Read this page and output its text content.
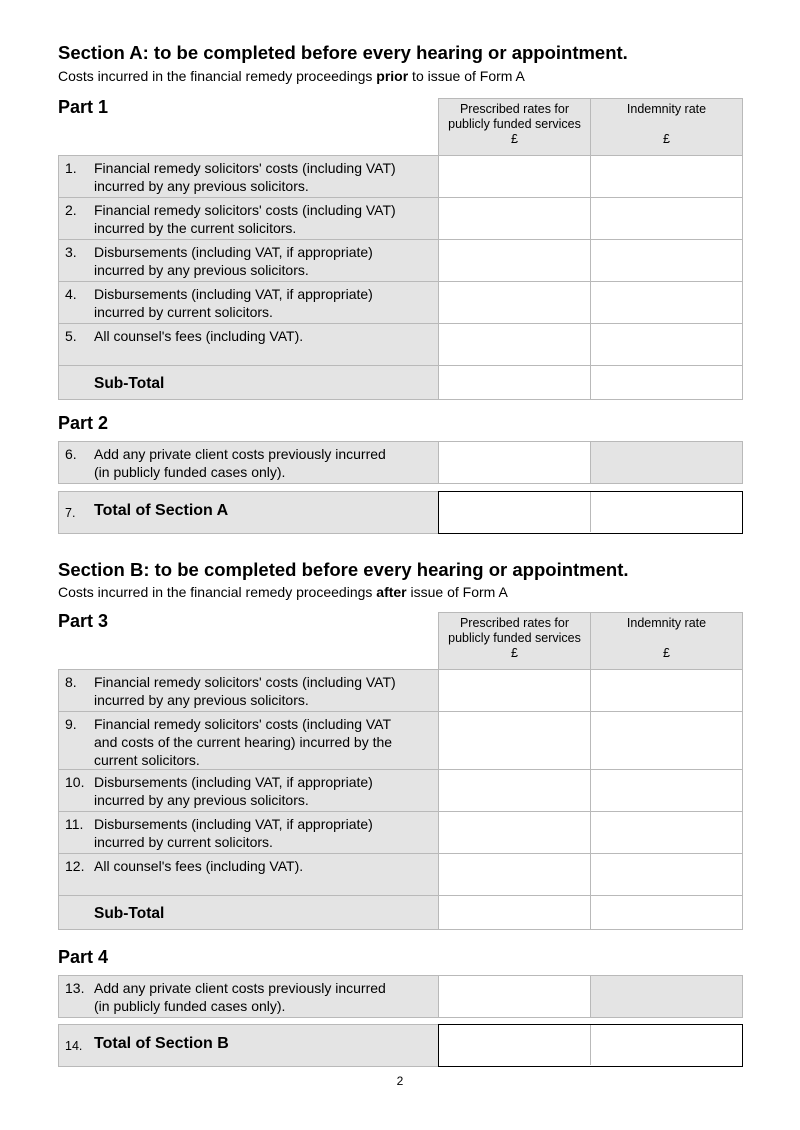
Section A: to be completed before every hearing or appointment.
Costs incurred in the financial remedy proceedings prior to issue of Form A
Part 1	Prescribed rates for
publicly funded services
£
Indemnity rate

£
1. Financial remedy solicitors' costs (including VAT)
incurred by any previous solicitors.
2. Financial remedy solicitors' costs (including VAT)
incurred by the current solicitors.
3. Disbursements (including VAT, if appropriate)
incurred by any previous solicitors.
4. Disbursements (including VAT, if appropriate)
incurred by current solicitors.
5. All counsel's fees (including VAT).
Sub-Total
Part 2
6. Add any private client costs previously incurred
(in publicly funded cases only).
7. Total of Section A
Section B: to be completed before every hearing or appointment.
Costs incurred in the financial remedy proceedings after issue of Form A
Part 3	Prescribed rates for
publicly funded services
£
Indemnity rate

£
8. Financial remedy solicitors' costs (including VAT)
incurred by any previous solicitors.
9. Financial remedy solicitors' costs (including VAT
and costs of the current hearing) incurred by the
current solicitors.
10. Disbursements (including VAT, if appropriate)
incurred by any previous solicitors.
11. Disbursements (including VAT, if appropriate)
incurred by current solicitors.
12. All counsel's fees (including VAT).
Sub-Total
Part 4
13. Add any private client costs previously incurred
(in publicly funded cases only).
14. Total of Section B
2
